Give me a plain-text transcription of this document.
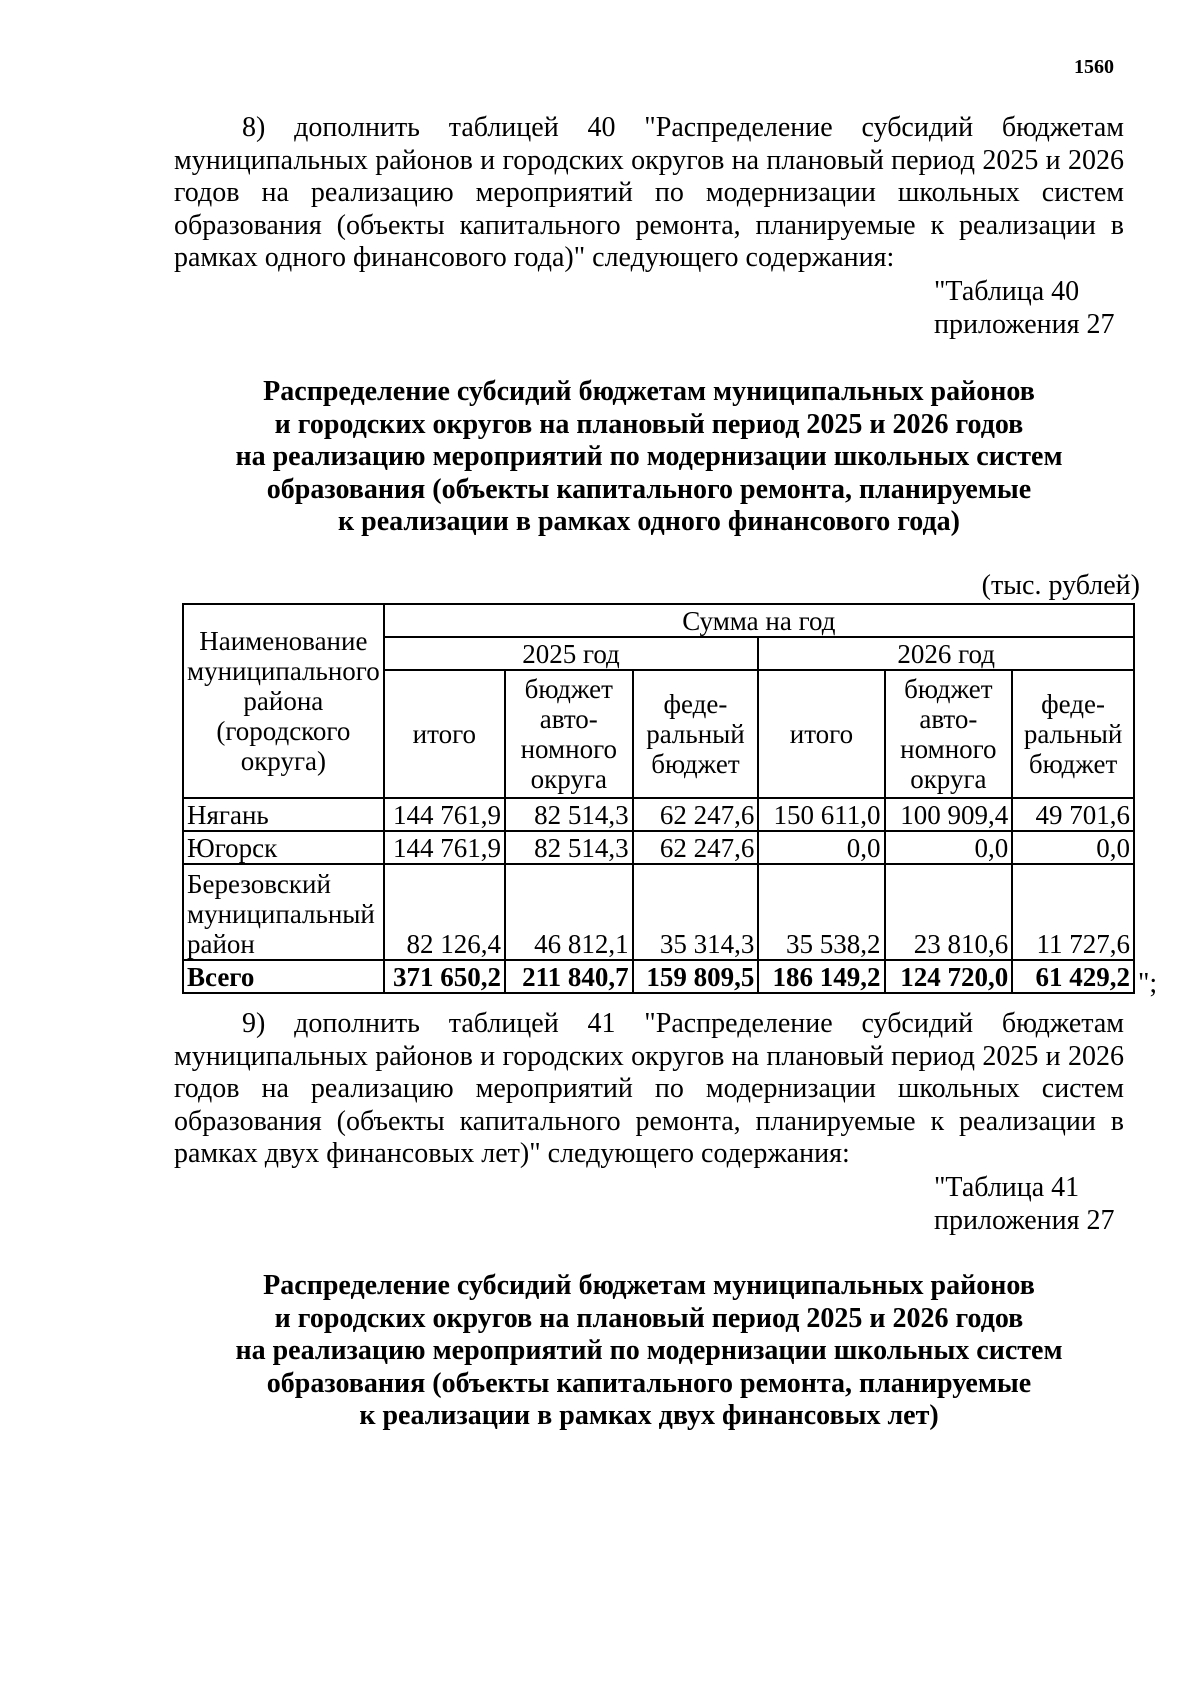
1560

8) дополнить таблицей 40 "Распределение субсидий бюджетам муниципальных районов и городских округов на плановый период 2025 и 2026 годов на реализацию мероприятий по модернизации школьных систем образования (объекты капитального ремонта, планируемые к реализации в рамках одного финансового года)" следующего содержания:

"Таблица 40
приложения 27
Распределение субсидий бюджетам муниципальных районов
и городских округов на плановый период 2025 и 2026 годов
на реализацию мероприятий по модернизации школьных систем
образования (объекты капитального ремонта, планируемые
к реализации в рамках одного финансового года)
(тыс. рублей)
Наименование муниципального района (городского округа)	Сумма на год					
	2025 год			2026 год		
	итого	бюджет авто-номного округа	феде-ральный бюджет	итого	бюджет авто-номного округа	феде-ральный бюджет
Нягань	144 761,9	82 514,3	62 247,6	150 611,0	100 909,4	49 701,6
Югорск	144 761,9	82 514,3	62 247,6	0,0	0,0	0,0
Березовский муниципальный район	82 126,4	46 812,1	35 314,3	35 538,2	23 810,6	11 727,6
Всего	371 650,2	211 840,7	159 809,5	186 149,2	124 720,0	61 429,2 ";

9) дополнить таблицей 41 "Распределение субсидий бюджетам муниципальных районов и городских округов на плановый период 2025 и 2026 годов на реализацию мероприятий по модернизации школьных систем образования (объекты капитального ремонта, планируемые к реализации в рамках двух финансовых лет)" следующего содержания:

"Таблица 41
приложения 27
Распределение субсидий бюджетам муниципальных районов
и городских округов на плановый период 2025 и 2026 годов
на реализацию мероприятий по модернизации школьных систем
образования (объекты капитального ремонта, планируемые
к реализации в рамках двух финансовых лет)
